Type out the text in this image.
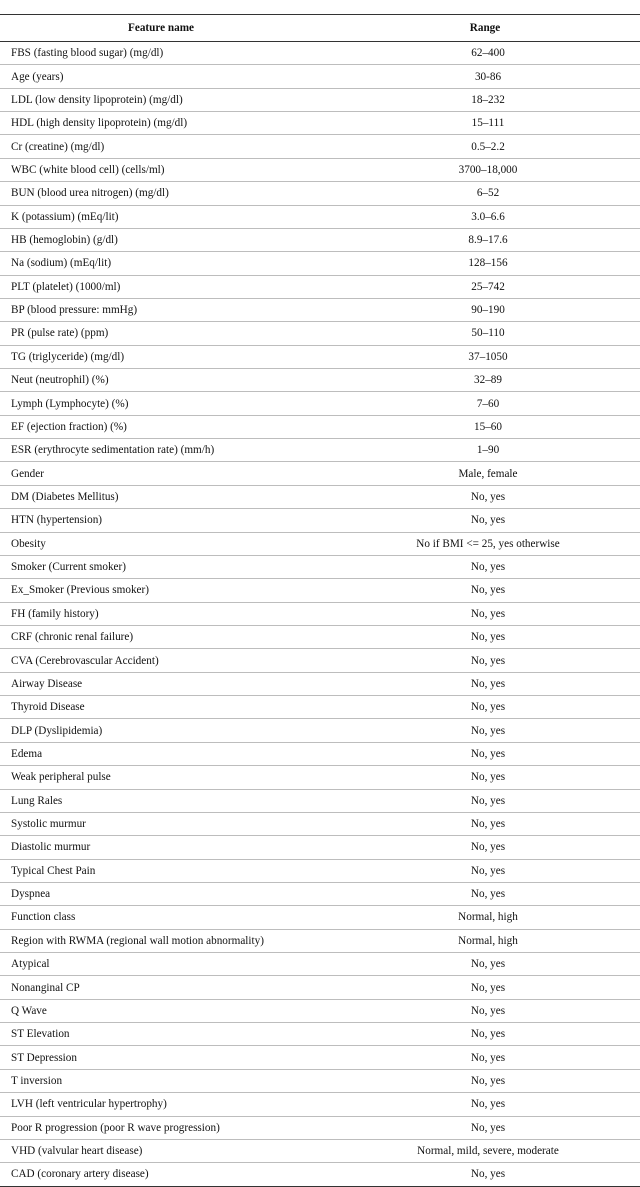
Feature name	Range
FBS (fasting blood sugar) (mg/dl)	62–400
Age (years)	30-86
LDL (low density lipoprotein) (mg/dl)	18–232
HDL (high density lipoprotein) (mg/dl)	15–111
Cr (creatine) (mg/dl)	0.5–2.2
WBC (white blood cell) (cells/ml)	3700–18,000
BUN (blood urea nitrogen) (mg/dl)	6–52
K (potassium) (mEq/lit)	3.0–6.6
HB (hemoglobin) (g/dl)	8.9–17.6
Na (sodium) (mEq/lit)	128–156
PLT (platelet) (1000/ml)	25–742
BP (blood pressure: mmHg)	90–190
PR (pulse rate) (ppm)	50–110
TG (triglyceride) (mg/dl)	37–1050
Neut (neutrophil) (%)	32–89
Lymph (Lymphocyte) (%)	7–60
EF (ejection fraction) (%)	15–60
ESR (erythrocyte sedimentation rate) (mm/h)	1–90
Gender	Male, female
DM (Diabetes Mellitus)	No, yes
HTN (hypertension)	No, yes
Obesity	No if BMI <= 25, yes otherwise
Smoker (Current smoker)	No, yes
Ex_Smoker (Previous smoker)	No, yes
FH (family history)	No, yes
CRF (chronic renal failure)	No, yes
CVA (Cerebrovascular Accident)	No, yes
Airway Disease	No, yes
Thyroid Disease	No, yes
DLP (Dyslipidemia)	No, yes
Edema	No, yes
Weak peripheral pulse	No, yes
Lung Rales	No, yes
Systolic murmur	No, yes
Diastolic murmur	No, yes
Typical Chest Pain	No, yes
Dyspnea	No, yes
Function class	Normal, high
Region with RWMA (regional wall motion abnormality)	Normal, high
Atypical	No, yes
Nonanginal CP	No, yes
Q Wave	No, yes
ST Elevation	No, yes
ST Depression	No, yes
T inversion	No, yes
LVH (left ventricular hypertrophy)	No, yes
Poor R progression (poor R wave progression)	No, yes
VHD (valvular heart disease)	Normal, mild, severe, moderate
CAD (coronary artery disease)	No, yes
